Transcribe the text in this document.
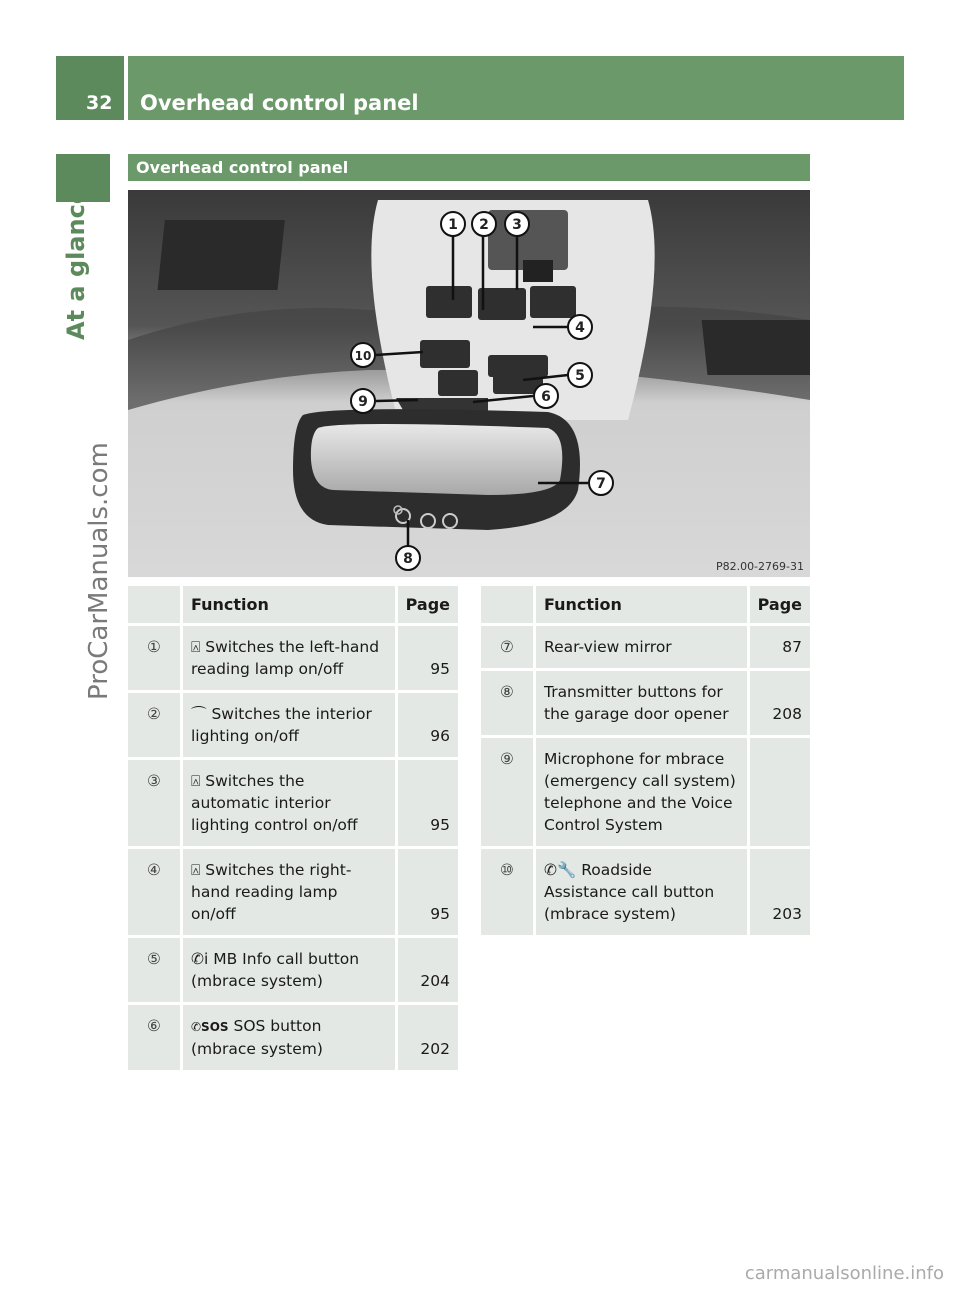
32 Overhead control panel
At a glance
ProCarManuals.com
Overhead control panel
1 2 3
4
5
6
7
8
9
10
P82.00-2769-31
	Function	Page
①	⍓ Switches the left-hand reading lamp on/off	95
②	⌒ Switches the interior lighting on/off	96
③	⍓ Switches the automatic interior lighting control on/off	95
④	⍓ Switches the right-hand reading lamp on/off	95
⑤	✆i MB Info call button (mbrace system)	204
⑥	✆SOS SOS button (mbrace system)	202
	Function	Page
⑦	Rear-view mirror	87
⑧	Transmitter buttons for the garage door opener	208
⑨	Microphone for mbrace (emergency call system) telephone and the Voice Control System	
⑩	✆🔧 Roadside Assistance call button (mbrace system)	203
carmanualsonline.info
